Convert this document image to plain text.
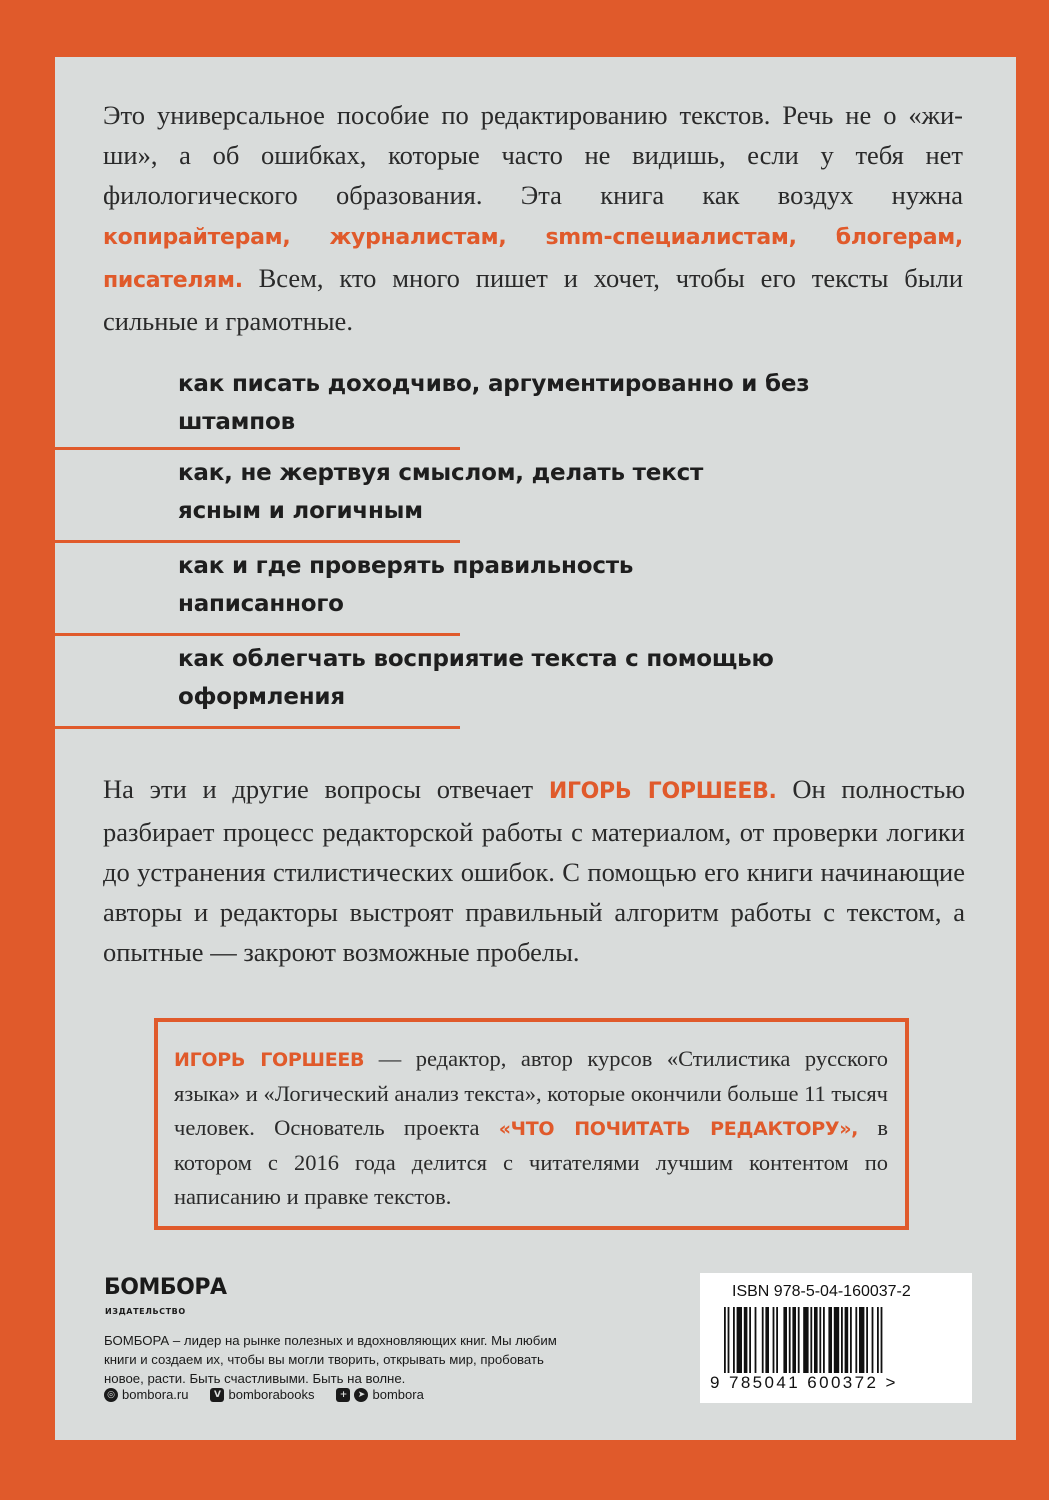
Это универсальное пособие по редактированию текстов. Речь не о «жи-ши», а об ошибках, которые часто не видишь, если у тебя нет филологического образования. Эта книга как воздух нужна копирайтерам, журналистам, smm-специалистам, блогерам, писателям. Всем, кто много пишет и хочет, чтобы его тексты были сильные и грамотные.

как писать доходчиво, аргументированно и без штампов
как, не жертвуя смыслом, делать текст ясным и логичным
как и где проверять правильность написанного
как облегчать восприятие текста с помощью оформления

На эти и другие вопросы отвечает ИГОРЬ ГОРШЕЕВ. Он полностью разбирает процесс редакторской работы с материалом, от проверки логики до устранения стилистических ошибок. С помощью его книги начинающие авторы и редакторы выстроят правильный алгоритм работы с текстом, а опытные — закроют возможные пробелы.

ИГОРЬ ГОРШЕЕВ — редактор, автор курсов «Стилистика русского языка» и «Логический анализ текста», которые окончили больше 11 тысяч человек. Основатель проекта «ЧТО ПОЧИТАТЬ РЕДАКТОРУ», в котором с 2016 года делится с читателями лучшим контентом по написанию и правке текстов.

БОМБОРА
ИЗДАТЕЛЬСТВО

БОМБОРА – лидер на рынке полезных и вдохновляющих книг. Мы любим книги и создаем их, чтобы вы могли творить, открывать мир, пробовать новое, расти. Быть счастливыми. Быть на волне.

◎ bombora.ru	V bomborabooks	+	➤ bombora
ISBN 978-5-04-160037-2
9 785041 600372 >
